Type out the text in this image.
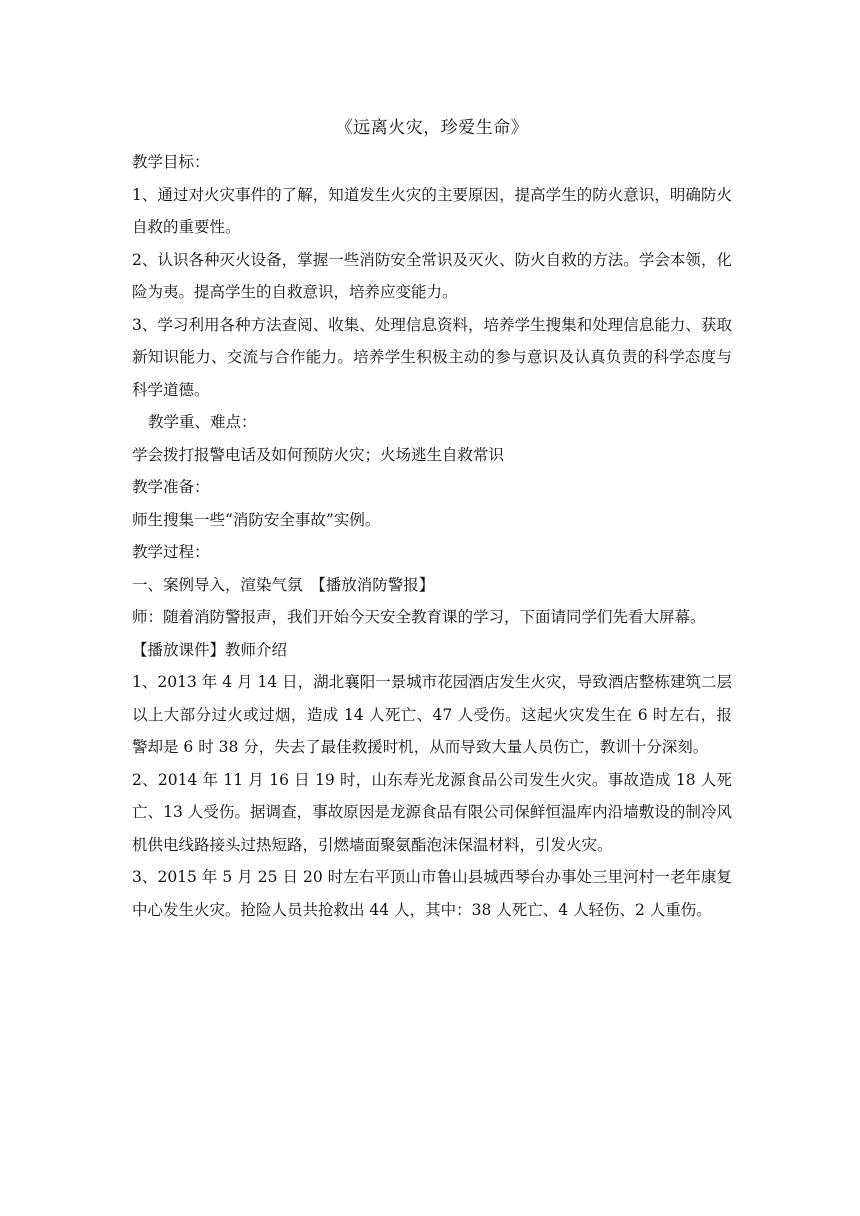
《远离火灾，珍爱生命》

教学目标：

1、通过对火灾事件的了解，知道发生火灾的主要原因，提高学生的防火意识，明确防火自救的重要性。

2、认识各种灭火设备，掌握一些消防安全常识及灭火、防火自救的方法。学会本领，化险为夷。提高学生的自救意识，培养应变能力。

3、学习利用各种方法查阅、收集、处理信息资料，培养学生搜集和处理信息能力、获取新知识能力、交流与合作能力。培养学生积极主动的参与意识及认真负责的科学态度与科学道德。

教学重、难点：

学会拨打报警电话及如何预防火灾；火场逃生自救常识

教学准备：

师生搜集一些“消防安全事故”实例。

教学过程：

一、案例导入，渲染气氛　【播放消防警报】

师：随着消防警报声，我们开始今天安全教育课的学习，下面请同学们先看大屏幕。

【播放课件】教师介绍

1、2013 年 4 月 14 日，湖北襄阳一景城市花园酒店发生火灾，导致酒店整栋建筑二层以上大部分过火或过烟，造成 14 人死亡、47 人受伤。这起火灾发生在 6 时左右，报警却是 6 时 38 分，失去了最佳救援时机，从而导致大量人员伤亡，教训十分深刻。

2、2014 年 11 月 16 日 19 时，山东寿光龙源食品公司发生火灾。事故造成 18 人死亡、13 人受伤。据调查，事故原因是龙源食品有限公司保鲜恒温库内沿墙敷设的制冷风机供电线路接头过热短路，引燃墙面聚氨酯泡沫保温材料，引发火灾。

3、2015 年 5 月 25 日 20 时左右平顶山市鲁山县城西琴台办事处三里河村一老年康复中心发生火灾。抢险人员共抢救出 44 人，其中：38 人死亡、4 人轻伤、2 人重伤。
